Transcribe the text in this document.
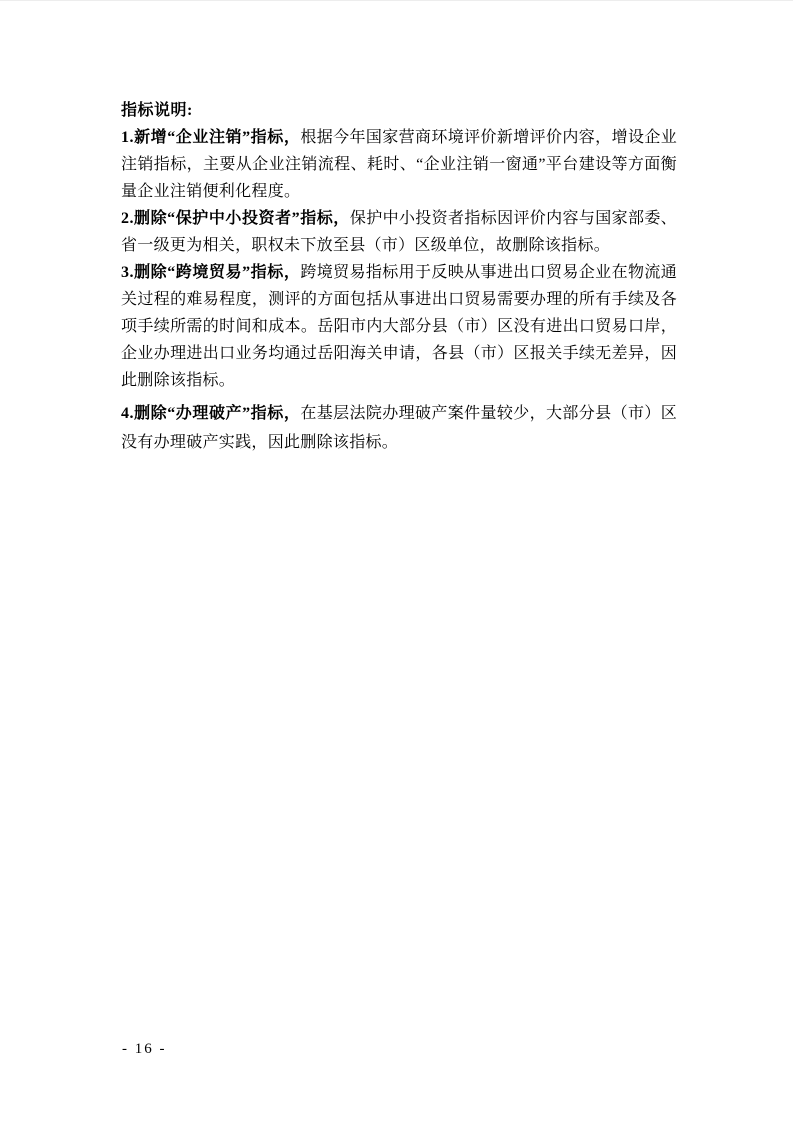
指标说明:

1.新增“企业注销”指标，根据今年国家营商环境评价新增评价内容，增设企业注销指标，主要从企业注销流程、耗时、“企业注销一窗通”平台建设等方面衡量企业注销便利化程度。

2.删除“保护中小投资者”指标，保护中小投资者指标因评价内容与国家部委、省一级更为相关，职权未下放至县（市）区级单位，故删除该指标。

3.删除“跨境贸易”指标，跨境贸易指标用于反映从事进出口贸易企业在物流通关过程的难易程度，测评的方面包括从事进出口贸易需要办理的所有手续及各项手续所需的时间和成本。岳阳市内大部分县（市）区没有进出口贸易口岸，企业办理进出口业务均通过岳阳海关申请，各县（市）区报关手续无差异，因此删除该指标。

4.删除“办理破产”指标，在基层法院办理破产案件量较少，大部分县（市）区没有办理破产实践，因此删除该指标。

- 16 -
